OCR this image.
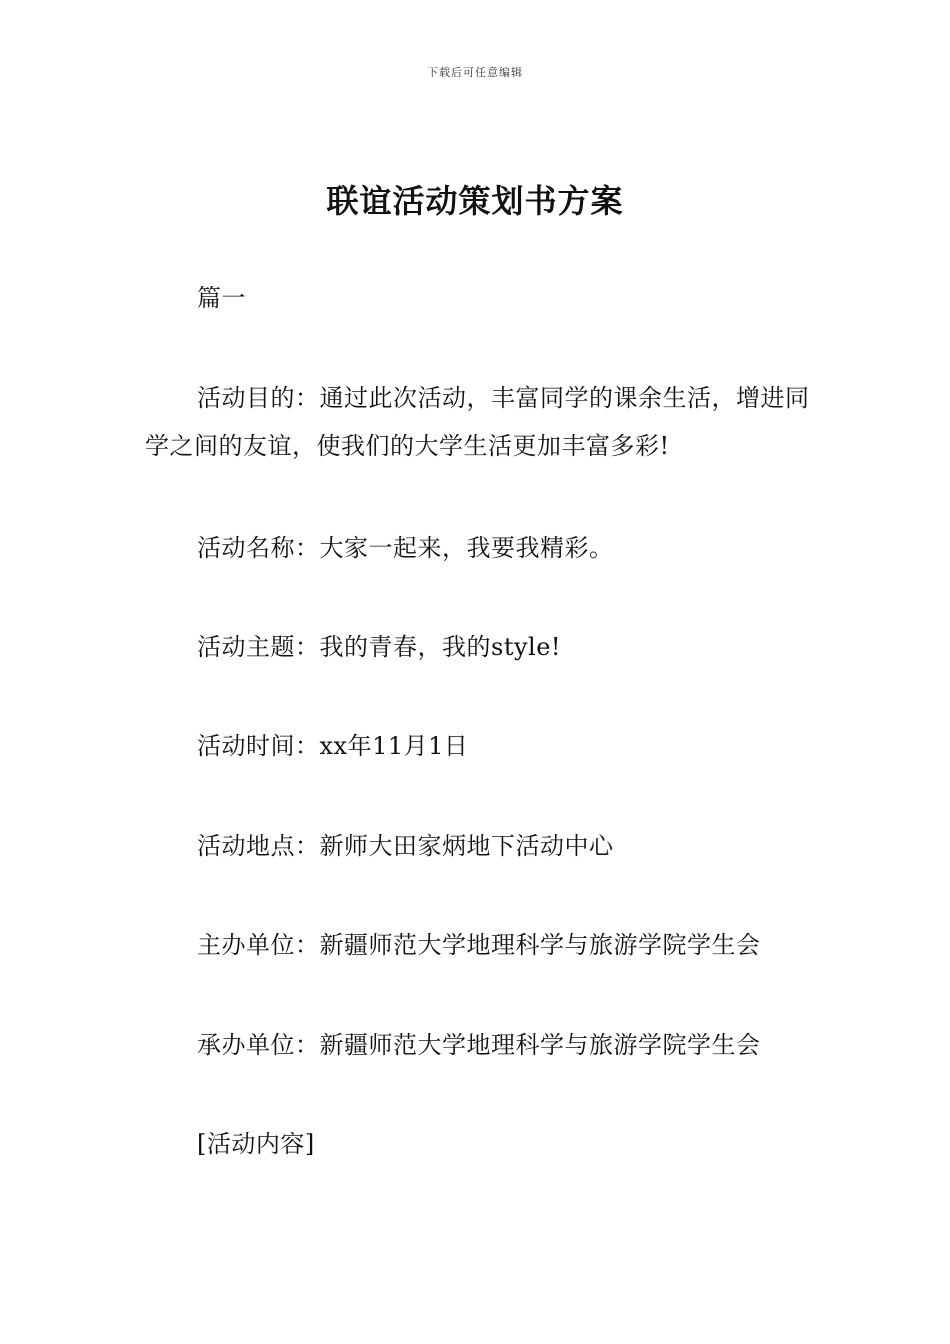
下载后可任意编辑
联谊活动策划书方案
篇一
活动目的：通过此次活动，丰富同学的课余生活，增进同学之间的友谊，使我们的大学生活更加丰富多彩!
活动名称：大家一起来，我要我精彩。
活动主题：我的青春，我的style!
活动时间：xx年11月1日
活动地点：新师大田家炳地下活动中心
主办单位：新疆师范大学地理科学与旅游学院学生会
承办单位：新疆师范大学地理科学与旅游学院学生会
[活动内容]
